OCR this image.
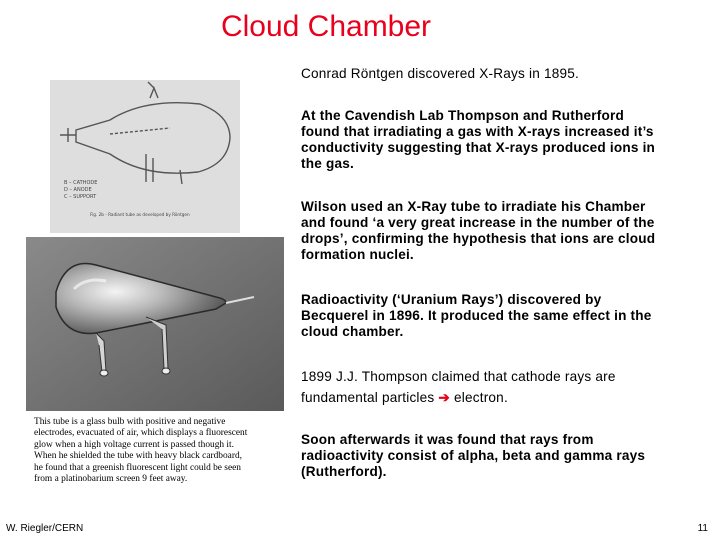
Cloud Chamber
B – CATHODE
D – ANODE
C – SUPPORT
Fig. 2b - Radiant tube as developed by Röntgen

This tube is a glass bulb with positive and negative electrodes, evacuated of air, which displays a fluorescent glow when a high voltage current is passed though it. When he shielded the tube with heavy black cardboard, he found that a greenish fluorescent light could be seen from a platinobarium screen 9 feet away.

Conrad Röntgen discovered X-Rays in 1895.

At the Cavendish Lab Thompson and Rutherford found that irradiating a gas with X-rays increased it’s conductivity suggesting that X-rays produced ions in the gas.

Wilson used an X-Ray tube to irradiate his Chamber and found ‘a very great increase in the number of the drops’, confirming the hypothesis that ions are cloud formation nuclei.

Radioactivity (‘Uranium Rays’) discovered by Becquerel in 1896. It produced the same effect in the cloud chamber.

1899 J.J. Thompson claimed that cathode rays are fundamental particles ➔ electron.

Soon afterwards it was found that rays from radioactivity consist of alpha, beta and gamma rays (Rutherford).

W. Riegler/CERN	11
